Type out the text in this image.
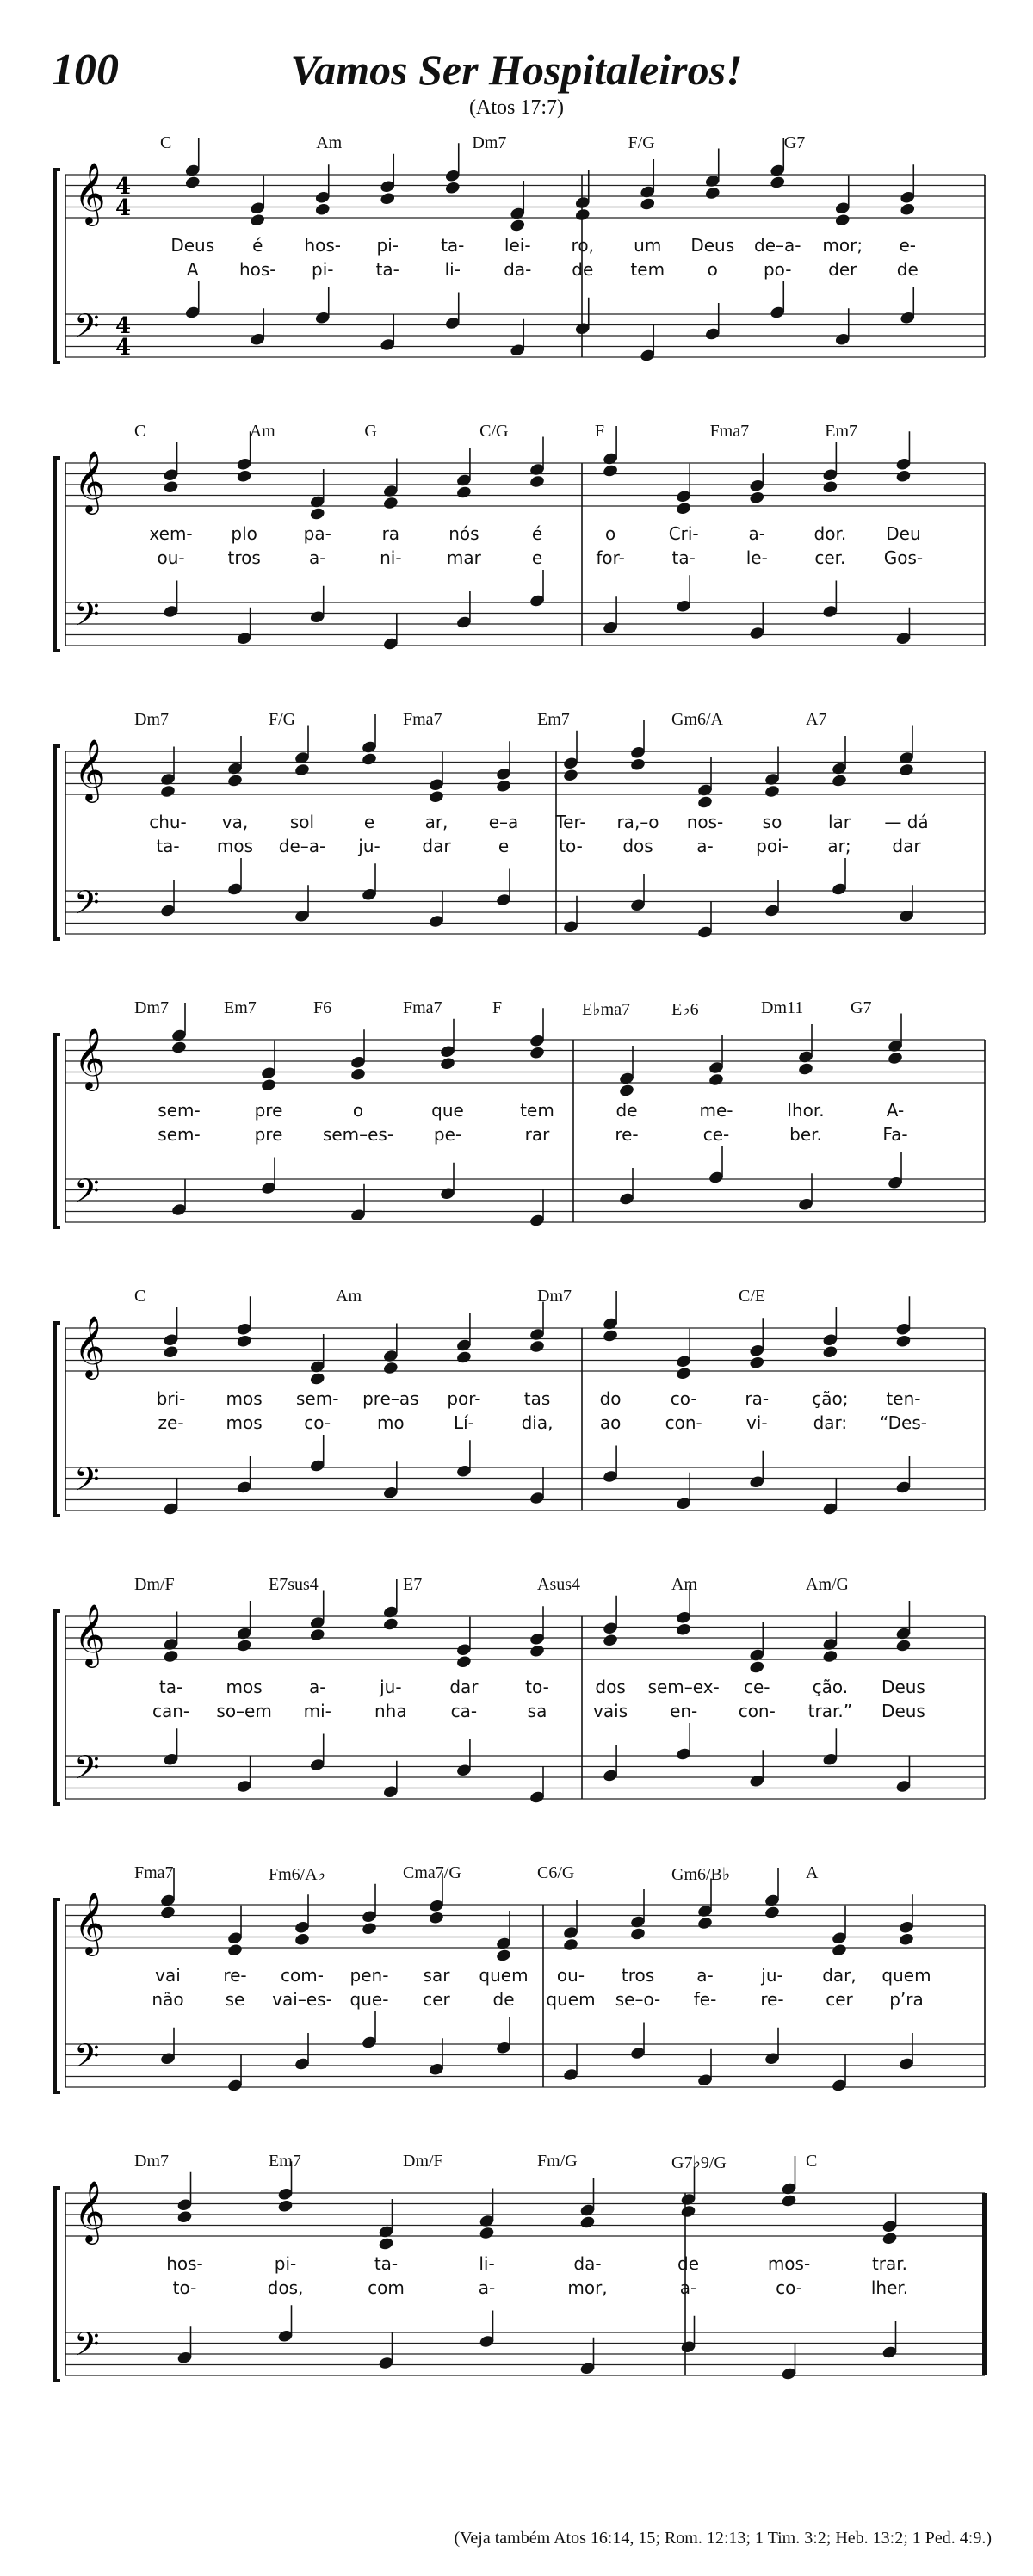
100	Vamos Ser Hospitaleiros!
(Atos 17:7)
𝄞
𝄢
4
4
4
4
C	Am	Dm7	F/G	G7
Deus é hos- pi- ta- lei- ro, um Deus de–a- mor; e-
A hos- pi- ta-	li-	da- de tem o	po- der de
𝄞
𝄢
C	Am	G	C/G	F	Fma7	Em7
xem- plo	pa-	ra	nós	é	o	Cri-	a-	dor. Deu
ou- tros	a-	ni-	mar	e	for-	ta-	le-	cer. Gos-
𝄞
𝄢
Dm7	F/G	Fma7	Em7	Gm6/A	A7
chu- va, sol	e	ar, e–a Ter- ra,–o nos- so	lar — dá
ta- mos de–a- ju- dar	e	to- dos	a- poi- ar; dar
𝄞
𝄢
Dm7	Em7	F6	Fma7	F	E♭ma7 E♭6	Dm11	G7
sem-	pre	o	que	tem	de	me-	lhor.	A-
sem-	pre sem–es- pe-	rar	re-	ce-	ber.	Fa-
𝄞
𝄢
C	Am	Dm7	C/E
bri- mos sem- pre–as por-	tas	do	co-	ra-	ção; ten-
ze- mos co-	mo	Lí-	dia,	ao	con-	vi-	dar: “Des-
𝄞
𝄢
Dm/F	E7sus4	E7	Asus4	Am	Am/G
ta-	mos	a-	ju-	dar	to-	dos sem–ex- ce- ção. Deus
can- so–em mi-	nha	ca-	sa	vais en- con- trar.” Deus
𝄞
𝄢
Fma7	Fm6/A♭	Cma7/G	C6/G	Gm6/B♭	A
vai re- com- pen- sar quem ou- tros a-	ju- dar, quem
não se vai–es- que- cer de quem se–o- fe-	re- cer p’ra
𝄞
𝄢
Dm7	Em7	Dm/F	Fm/G	G7♭9/G	C
hos-	pi-	ta-	li-	da-	de	mos-	trar.
to-	dos,	com	a-	mor,	a-	co-	lher.
(Veja também Atos 16:14, 15; Rom. 12:13; 1 Tim. 3:2; Heb. 13:2; 1 Ped. 4:9.)
